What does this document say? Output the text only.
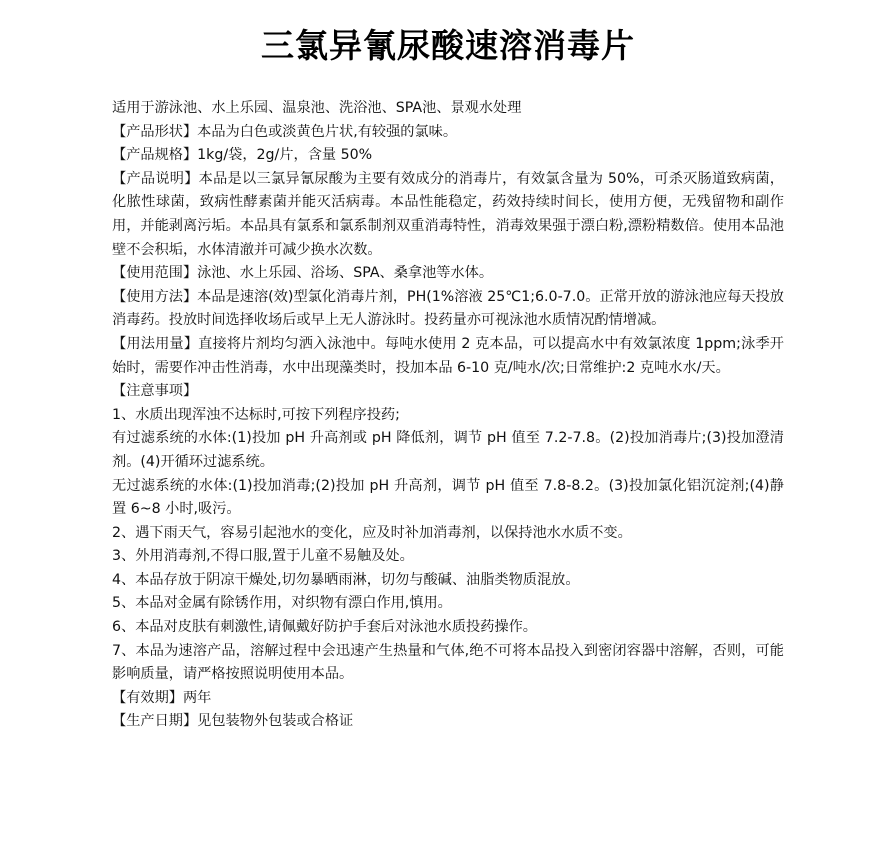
三氯异氰尿酸速溶消毒片

适用于游泳池、水上乐园、温泉池、洗浴池、SPA池、景观水处理

【产品形状】本品为白色或淡黄色片状,有较强的氯味。

【产品规格】1kg/袋，2g/片，含量 50%

【产品说明】本品是以三氯异氰尿酸为主要有效成分的消毒片，有效氯含量为 50%，可杀灭肠道致病菌，化脓性球菌，致病性酵素菌并能灭活病毒。本品性能稳定，药效持续时间长，使用方便，无残留物和副作用，并能剥离污垢。本品具有氯系和氯系制剂双重消毒特性，消毒效果强于漂白粉,漂粉精数倍。使用本品池壁不会积垢，水体清澈并可减少换水次数。

【使用范围】泳池、水上乐园、浴场、SPA、桑拿池等水体。

【使用方法】本品是速溶(效)型氯化消毒片剂，PH(1%溶液 25℃1;6.0-7.0。正常开放的游泳池应每天投放消毒药。投放时间选择收场后或早上无人游泳时。投药量亦可视泳池水质情况酌情增减。

【用法用量】直接将片剂均匀洒入泳池中。每吨水使用 2 克本品，可以提高水中有效氯浓度 1ppm;泳季开始时，需要作冲击性消毒，水中出现藻类时，投加本品 6-10 克/吨水/次;日常维护:2 克吨水水/天。

【注意事项】

1、水质出现浑浊不达标时,可按下列程序投药;

有过滤系统的水体:(1)投加 pH 升高剂或 pH 降低剂，调节 pH 值至 7.2-7.8。(2)投加消毒片;(3)投加澄清剂。(4)开循环过滤系统。

无过滤系统的水体:(1)投加消毒;(2)投加 pH 升高剂，调节 pH 值至 7.8-8.2。(3)投加氯化铝沉淀剂;(4)静置 6~8 小时,吸污。

2、遇下雨天气，容易引起池水的变化，应及时补加消毒剂，以保持池水水质不变。

3、外用消毒剂,不得口服,置于儿童不易触及处。

4、本品存放于阴凉干燥处,切勿暴晒雨淋，切勿与酸碱、油脂类物质混放。

5、本品对金属有除锈作用，对织物有漂白作用,慎用。

6、本品对皮肤有刺激性,请佩戴好防护手套后对泳池水质投药操作。

7、本品为速溶产品，溶解过程中会迅速产生热量和气体,绝不可将本品投入到密闭容器中溶解，否则，可能影响质量，请严格按照说明使用本品。

【有效期】两年

【生产日期】见包装物外包装或合格证
